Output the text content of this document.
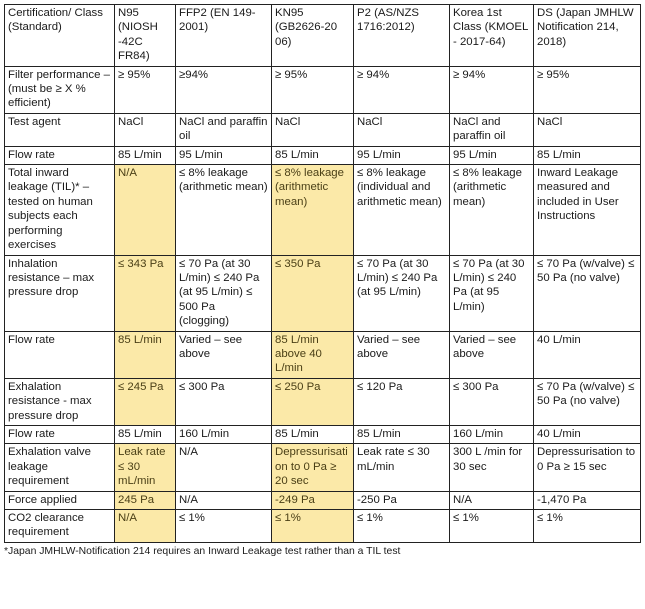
Certification/ Class (Standard)	N95 (NIOSH -42C FR84)	FFP2 (EN 149-2001)	KN95 (GB2626-20 06)	P2 (AS/NZS 1716:2012)	Korea 1st Class (KMOEL - 2017-64)	DS (Japan JMHLW Notification 214, 2018)
Filter performance – (must be ≥ X % efficient)	≥ 95%	≥94%	≥ 95%	≥ 94%	≥ 94%	≥ 95%
Test agent	NaCl	NaCl and paraffin oil	NaCl	NaCl	NaCl and paraffin oil	NaCl
Flow rate	85 L/min	95 L/min	85 L/min	95 L/min	95 L/min	85 L/min
Total inward leakage (TIL)* – tested on human subjects each performing exercises	N/A	≤ 8% leakage (arithmetic mean)	≤ 8% leakage (arithmetic mean)	≤ 8% leakage (individual and arithmetic mean)	≤ 8% leakage (arithmetic mean)	Inward Leakage measured and included in User Instructions
Inhalation resistance – max pressure drop	≤ 343 Pa	≤ 70 Pa (at 30 L/min) ≤ 240 Pa (at 95 L/min) ≤ 500 Pa (clogging)	≤ 350 Pa	≤ 70 Pa (at 30 L/min) ≤ 240 Pa (at 95 L/min)	≤ 70 Pa (at 30 L/min) ≤ 240 Pa (at 95 L/min)	≤ 70 Pa (w/valve) ≤ 50 Pa (no valve)
Flow rate	85 L/min	Varied – see above	85 L/min above 40 L/min	Varied – see above	Varied – see above	40 L/min
Exhalation resistance - max pressure drop	≤ 245 Pa	≤ 300 Pa	≤ 250 Pa	≤ 120 Pa	≤ 300 Pa	≤ 70 Pa (w/valve) ≤ 50 Pa (no valve)
Flow rate	85 L/min	160 L/min	85 L/min	85 L/min	160 L/min	40 L/min
Exhalation valve leakage requirement	Leak rate ≤ 30 mL/min	N/A	Depressurisation to 0 Pa ≥ 20 sec	Leak rate ≤ 30 mL/min	300 L /min for 30 sec	Depressurisation to 0 Pa ≥ 15 sec
Force applied	245 Pa	N/A	-249 Pa	-250 Pa	N/A	-1,470 Pa
CO2 clearance requirement	N/A	≤ 1%	≤ 1%	≤ 1%	≤ 1%	≤ 1%
*Japan JMHLW-Notification 214 requires an Inward Leakage test rather than a TIL test
